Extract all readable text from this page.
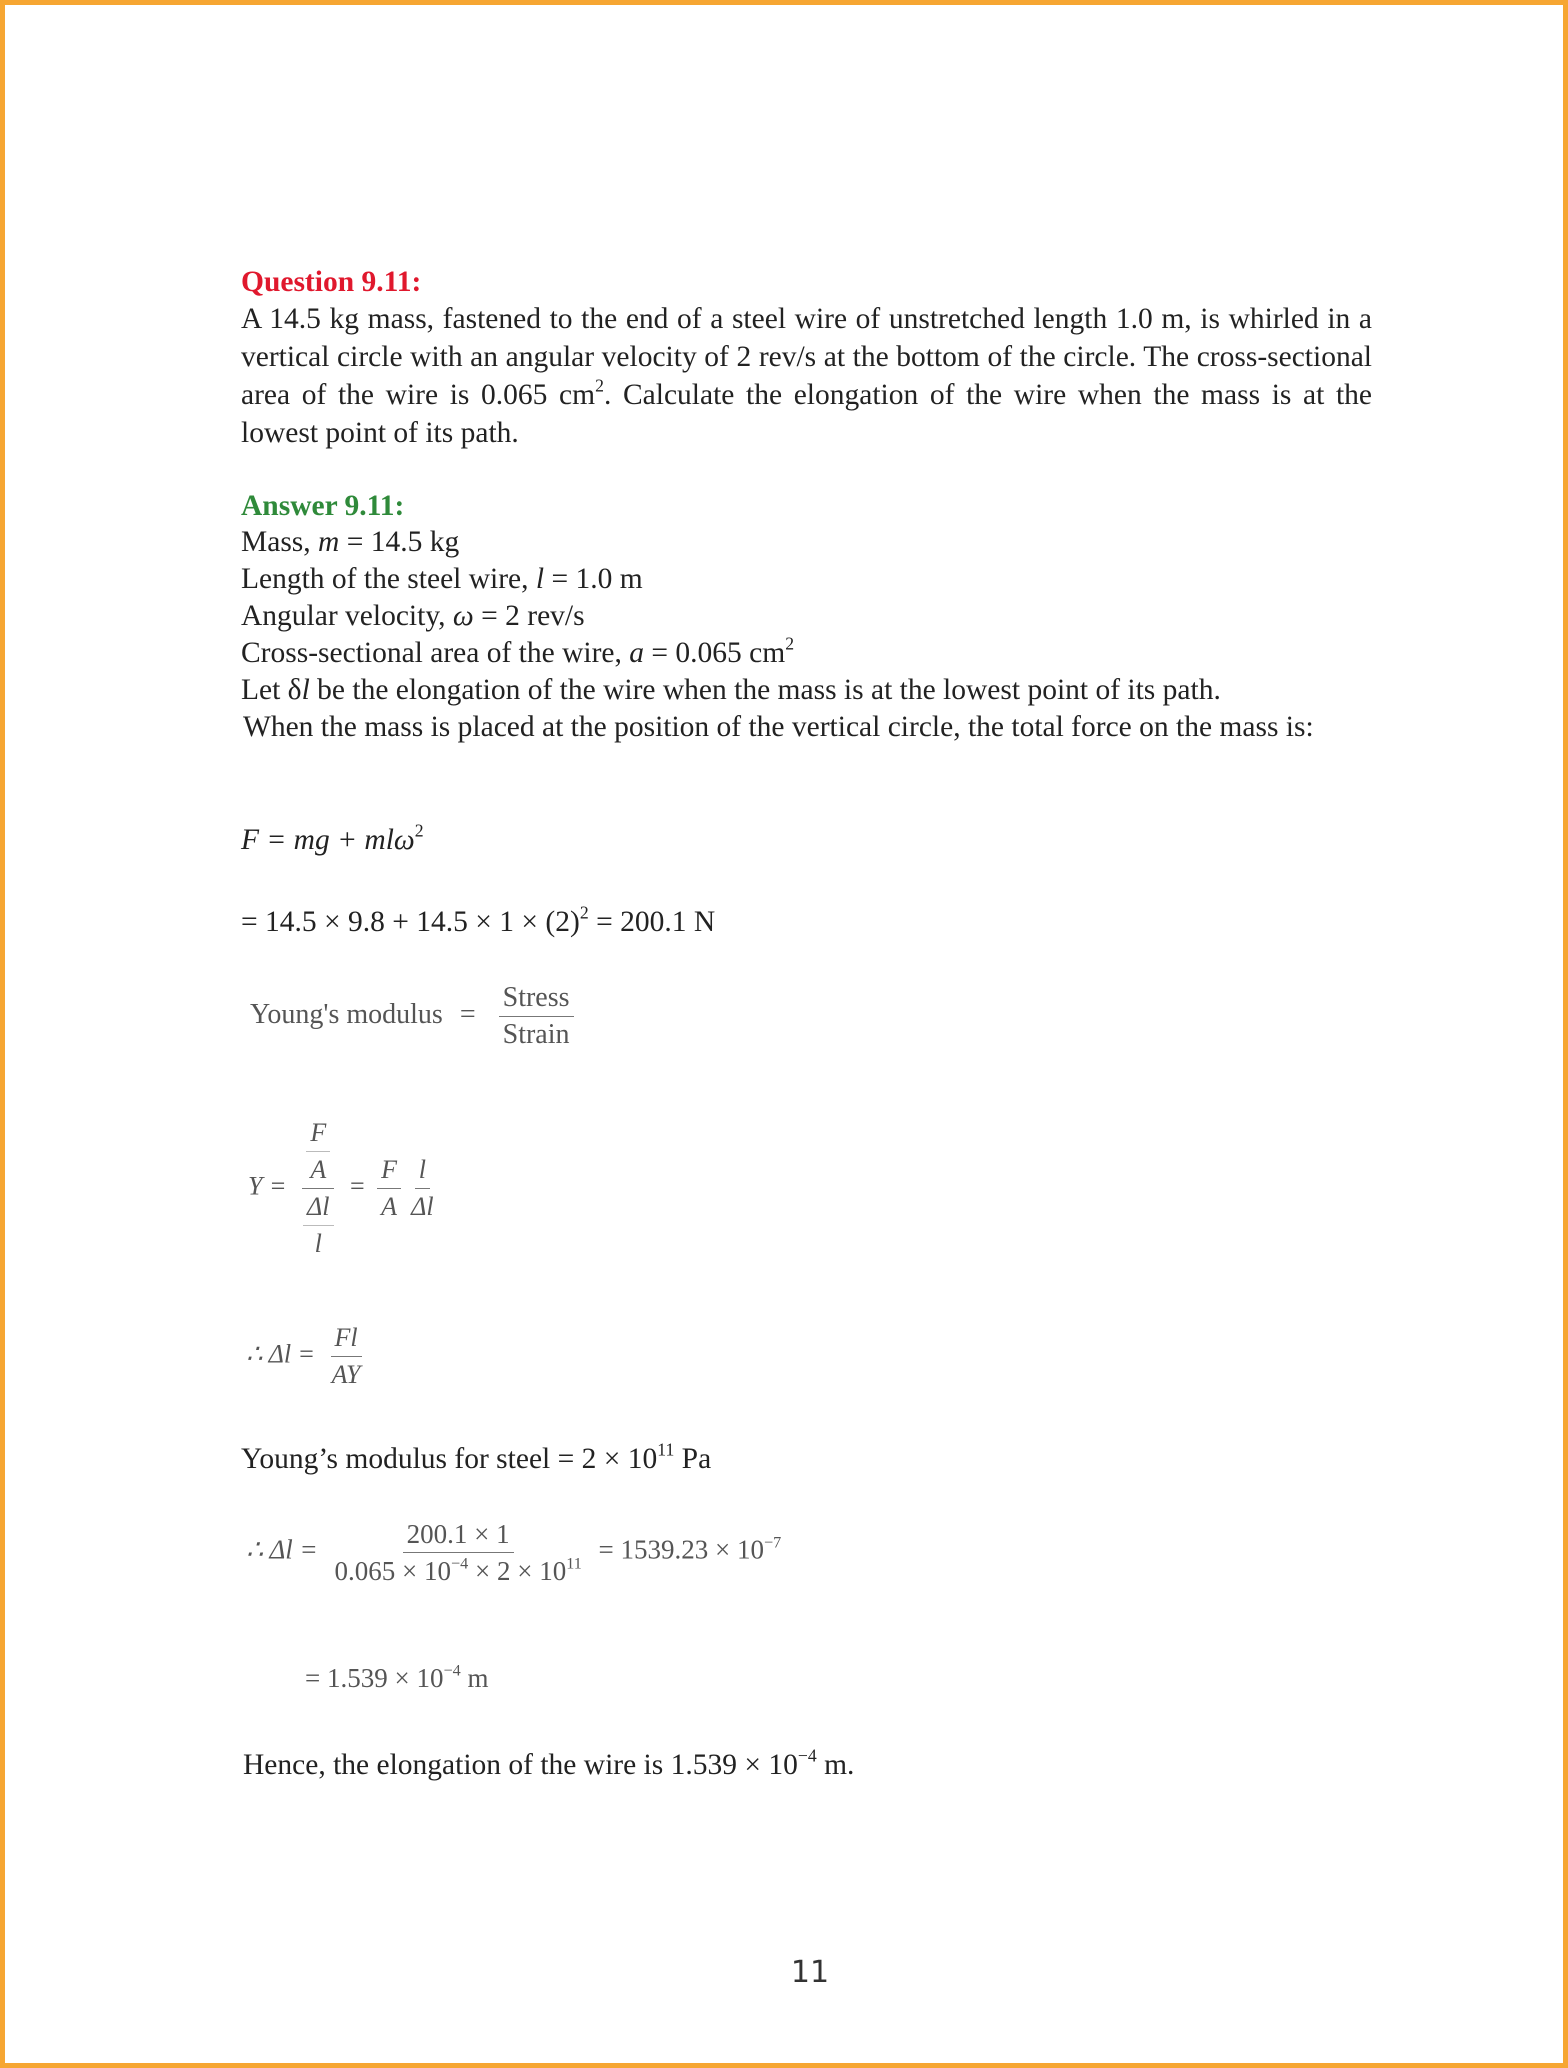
Question 9.11:
A 14.5 kg mass, fastened to the end of a steel wire of unstretched length 1.0 m, is whirled in a vertical circle with an angular velocity of 2 rev/s at the bottom of the circle. The cross-sectional area of the wire is 0.065 $cm^2$. Calculate the elongation of the wire when the mass is at the lowest point of its path.
Answer 9.11:
Mass, m = 14.5 kg
Length of the steel wire, l = 1.0 m
Angular velocity, ω = 2 rev/s
Cross-sectional area of the wire, a = 0.065 $cm^2$
Let δl be the elongation of the wire when the mass is at the lowest point of its path.
When the mass is placed at the position of the vertical circle, the total force on the mass is:
F = mg + mlω$^2$
= $14.5 \times 9.8 + 14.5 \times 1 \times (2)^2 = 200.1$ N
Young's modulus = $\frac{\text{Stress}}{\text{Strain}}$
$Y = \frac{\frac{F}{A}}{\frac{\Delta l}{l}} = \frac{F}{A} \frac{l}{\Delta l}$
∴ $\Delta l = \frac{Fl}{AY}$
Young’s modulus for steel = $2 \times 10^{11}$ Pa
∴ $\Delta l = \frac{200.1 \times 1}{0.065 \times 10^{-4} \times 2 \times 10^{11}} = 1539.23 \times 10^{-7}$
= $1.539 \times 10^{-4}$ m
Hence, the elongation of the wire is $1.539 \times 10^{-4}$ m.
11
